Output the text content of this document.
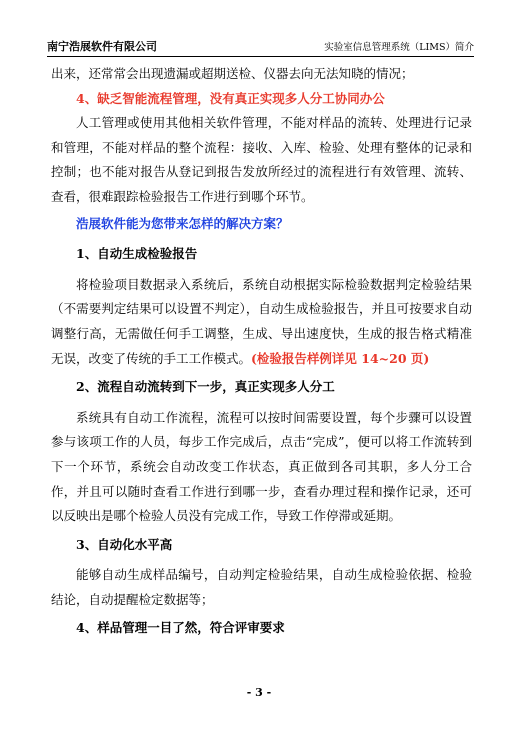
南宁浩展软件有限公司	实验室信息管理系统（LIMS）简介

出来，还常常会出现遗漏或超期送检、仪器去向无法知晓的情况；

4、缺乏智能流程管理，没有真正实现多人分工协同办公

人工管理或使用其他相关软件管理，不能对样品的流转、处理进行记录和管理，不能对样品的整个流程：接收、入库、检验、处理有整体的记录和控制；也不能对报告从登记到报告发放所经过的流程进行有效管理、流转、查看，很难跟踪检验报告工作进行到哪个环节。

浩展软件能为您带来怎样的解决方案？

1、自动生成检验报告

将检验项目数据录入系统后，系统自动根据实际检验数据判定检验结果（不需要判定结果可以设置不判定），自动生成检验报告，并且可按要求自动调整行高，无需做任何手工调整，生成、导出速度快，生成的报告格式精准无误，改变了传统的手工工作模式。(检验报告样例详见 14~20 页)

2、流程自动流转到下一步，真正实现多人分工

系统具有自动工作流程，流程可以按时间需要设置，每个步骤可以设置参与该项工作的人员，每步工作完成后，点击“完成”，便可以将工作流转到下一个环节，系统会自动改变工作状态，真正做到各司其职，多人分工合作，并且可以随时查看工作进行到哪一步，查看办理过程和操作记录，还可以反映出是哪个检验人员没有完成工作，导致工作停滞或延期。

3、自动化水平高

能够自动生成样品编号，自动判定检验结果，自动生成检验依据、检验结论，自动提醒检定数据等；

4、样品管理一目了然，符合评审要求

- 3 -
